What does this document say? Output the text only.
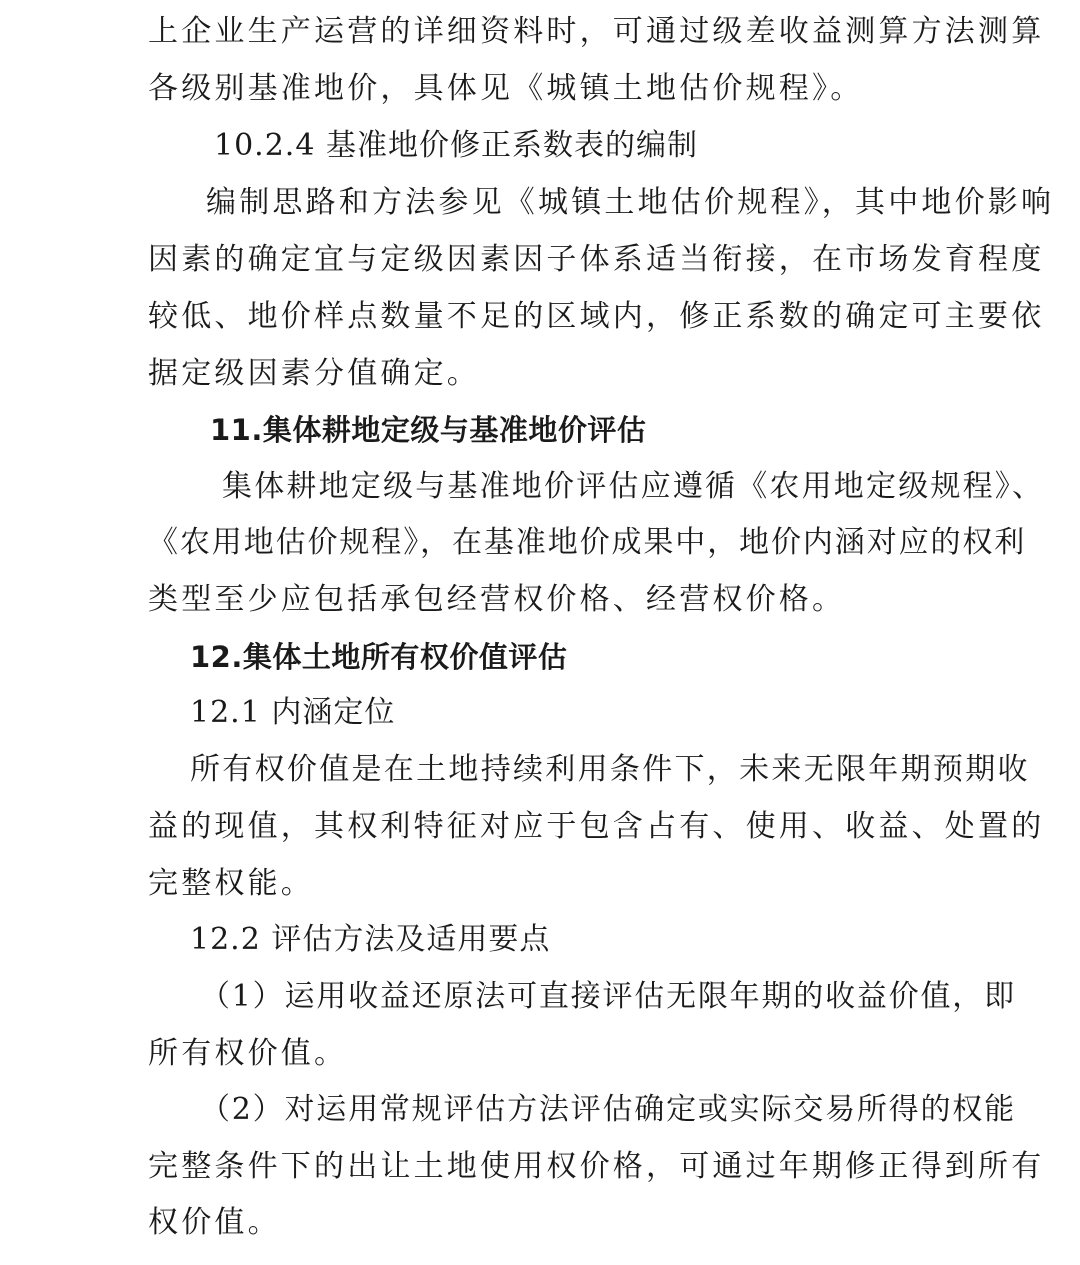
上企业生产运营的详细资料时，可通过级差收益测算方法测算

各级别基准地价，具体见《城镇土地估价规程》。

10.2.4 基准地价修正系数表的编制

编制思路和方法参见《城镇土地估价规程》，其中地价影响

因素的确定宜与定级因素因子体系适当衔接，在市场发育程度

较低、地价样点数量不足的区域内，修正系数的确定可主要依

据定级因素分值确定。

11.集体耕地定级与基准地价评估

集体耕地定级与基准地价评估应遵循《农用地定级规程》、

《农用地估价规程》，在基准地价成果中，地价内涵对应的权利

类型至少应包括承包经营权价格、经营权价格。

12.集体土地所有权价值评估

12.1 内涵定位

所有权价值是在土地持续利用条件下，未来无限年期预期收

益的现值，其权利特征对应于包含占有、使用、收益、处置的

完整权能。

12.2 评估方法及适用要点

（1）运用收益还原法可直接评估无限年期的收益价值，即

所有权价值。

（2）对运用常规评估方法评估确定或实际交易所得的权能

完整条件下的出让土地使用权价格，可通过年期修正得到所有

权价值。
